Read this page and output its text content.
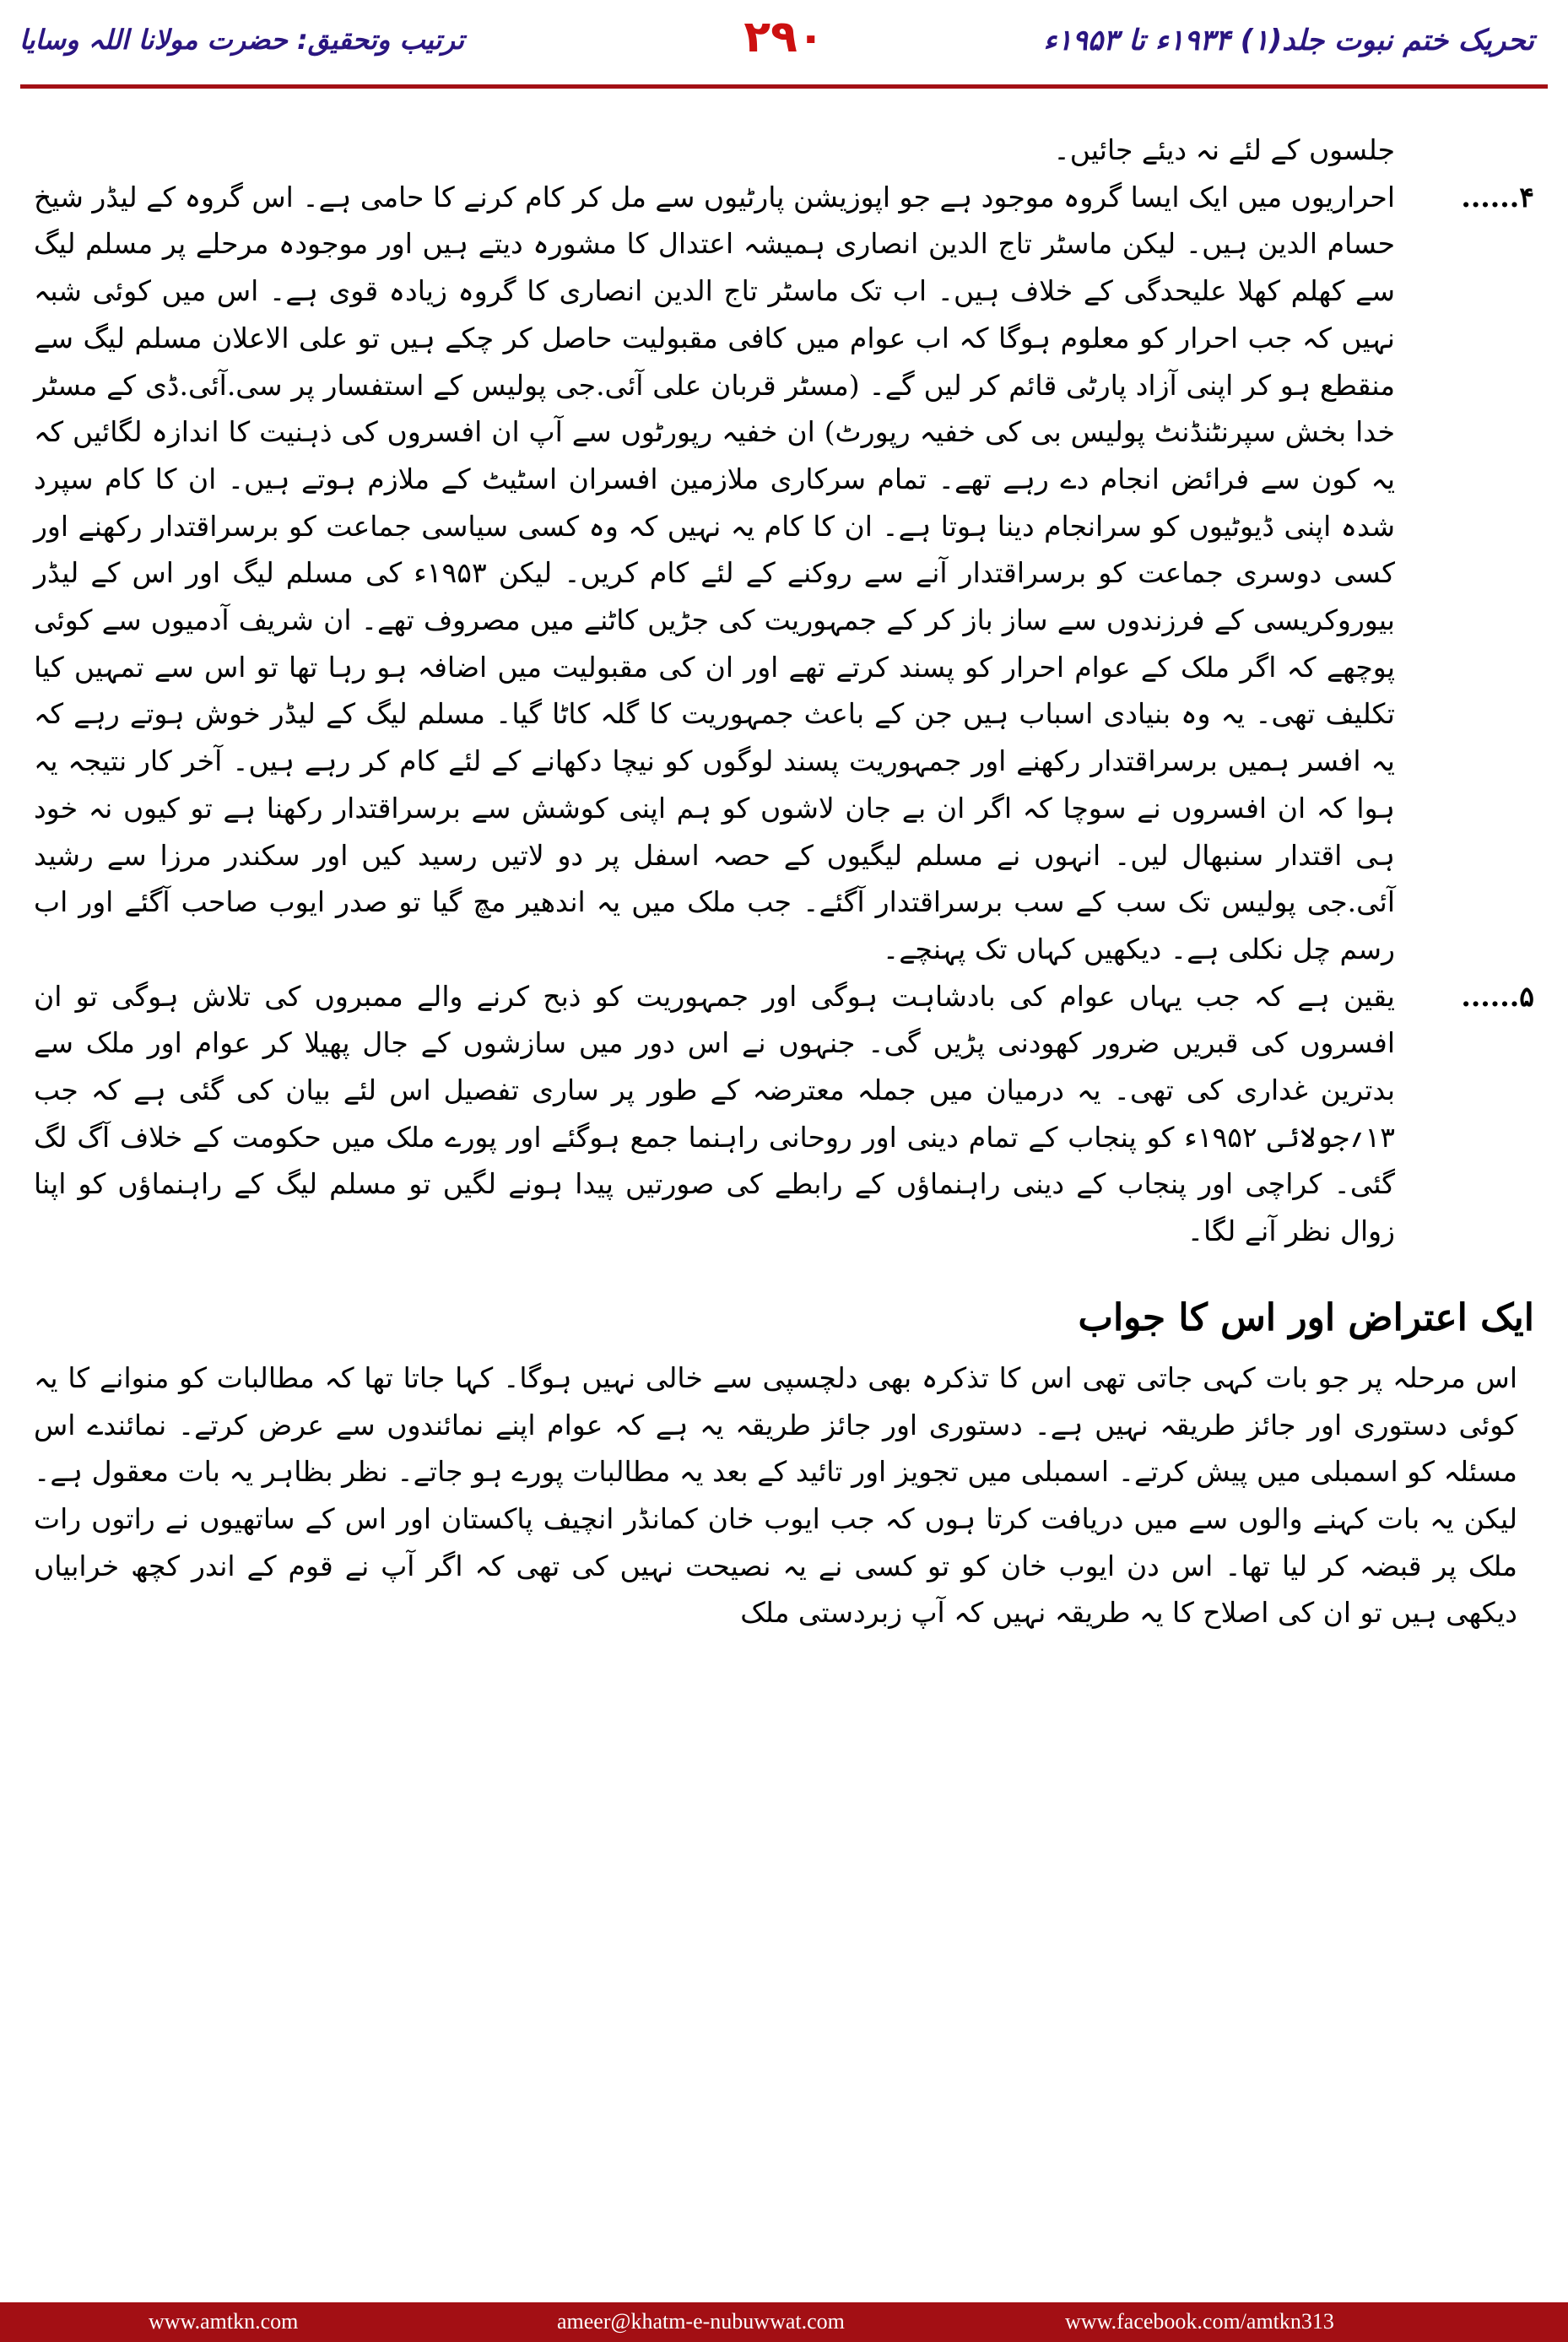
تحریک ختم نبوت جلد(۱) ۱۹۳۴ء تا ۱۹۵۳ء
۲۹۰
ترتیب وتحقیق: حضرت مولانا اللہ وسایا

جلسوں کے لئے نہ دیئے جائیں۔

۴......

احراریوں میں ایک ایسا گروہ موجود ہے جو اپوزیشن پارٹیوں سے مل کر کام کرنے کا حامی ہے۔ اس گروہ کے لیڈر شیخ حسام الدین ہیں۔ لیکن ماسٹر تاج الدین انصاری ہمیشہ اعتدال کا مشورہ دیتے ہیں اور موجودہ مرحلے پر مسلم لیگ سے کھلم کھلا علیحدگی کے خلاف ہیں۔ اب تک ماسٹر تاج الدین انصاری کا گروہ زیادہ قوی ہے۔ اس میں کوئی شبہ نہیں کہ جب احرار کو معلوم ہوگا کہ اب عوام میں کافی مقبولیت حاصل کر چکے ہیں تو علی الاعلان مسلم لیگ سے منقطع ہو کر اپنی آزاد پارٹی قائم کر لیں گے۔ (مسٹر قربان علی آئی.جی پولیس کے استفسار پر سی.آئی.ڈی کے مسٹر خدا بخش سپرنٹنڈنٹ پولیس بی کی خفیہ رپورٹ) ان خفیہ رپورٹوں سے آپ ان افسروں کی ذہنیت کا اندازہ لگائیں کہ یہ کون سے فرائض انجام دے رہے تھے۔ تمام سرکاری ملازمین افسران اسٹیٹ کے ملازم ہوتے ہیں۔ ان کا کام سپرد شدہ اپنی ڈیوٹیوں کو سرانجام دینا ہوتا ہے۔ ان کا کام یہ نہیں کہ وہ کسی سیاسی جماعت کو برسراقتدار رکھنے اور کسی دوسری جماعت کو برسراقتدار آنے سے روکنے کے لئے کام کریں۔ لیکن ۱۹۵۳ء کی مسلم لیگ اور اس کے لیڈر بیوروکریسی کے فرزندوں سے ساز باز کر کے جمہوریت کی جڑیں کاٹنے میں مصروف تھے۔ ان شریف آدمیوں سے کوئی پوچھے کہ اگر ملک کے عوام احرار کو پسند کرتے تھے اور ان کی مقبولیت میں اضافہ ہو رہا تھا تو اس سے تمہیں کیا تکلیف تھی۔ یہ وہ بنیادی اسباب ہیں جن کے باعث جمہوریت کا گلہ کاٹا گیا۔ مسلم لیگ کے لیڈر خوش ہوتے رہے کہ یہ افسر ہمیں برسراقتدار رکھنے اور جمہوریت پسند لوگوں کو نیچا دکھانے کے لئے کام کر رہے ہیں۔ آخر کار نتیجہ یہ ہوا کہ ان افسروں نے سوچا کہ اگر ان بے جان لاشوں کو ہم اپنی کوشش سے برسراقتدار رکھنا ہے تو کیوں نہ خود ہی اقتدار سنبھال لیں۔ انہوں نے مسلم لیگیوں کے حصہ اسفل پر دو لاتیں رسید کیں اور سکندر مرزا سے رشید آئی.جی پولیس تک سب کے سب برسراقتدار آگئے۔ جب ملک میں یہ اندھیر مچ گیا تو صدر ایوب صاحب آگئے اور اب رسم چل نکلی ہے۔ دیکھیں کہاں تک پہنچے۔

۵......

یقین ہے کہ جب یہاں عوام کی بادشاہت ہوگی اور جمہوریت کو ذبح کرنے والے ممبروں کی تلاش ہوگی تو ان افسروں کی قبریں ضرور کھودنی پڑیں گی۔ جنہوں نے اس دور میں سازشوں کے جال پھیلا کر عوام اور ملک سے بدترین غداری کی تھی۔ یہ درمیان میں جملہ معترضہ کے طور پر ساری تفصیل اس لئے بیان کی گئی ہے کہ جب ۱۳؍جولائی ۱۹۵۲ء کو پنجاب کے تمام دینی اور روحانی راہنما جمع ہوگئے اور پورے ملک میں حکومت کے خلاف آگ لگ گئی۔ کراچی اور پنجاب کے دینی راہنماؤں کے رابطے کی صورتیں پیدا ہونے لگیں تو مسلم لیگ کے راہنماؤں کو اپنا زوال نظر آنے لگا۔

ایک اعتراض اور اس کا جواب

اس مرحلہ پر جو بات کہی جاتی تھی اس کا تذکرہ بھی دلچسپی سے خالی نہیں ہوگا۔ کہا جاتا تھا کہ مطالبات کو منوانے کا یہ کوئی دستوری اور جائز طریقہ نہیں ہے۔ دستوری اور جائز طریقہ یہ ہے کہ عوام اپنے نمائندوں سے عرض کرتے۔ نمائندے اس مسئلہ کو اسمبلی میں پیش کرتے۔ اسمبلی میں تجویز اور تائید کے بعد یہ مطالبات پورے ہو جاتے۔ نظر بظاہر یہ بات معقول ہے۔ لیکن یہ بات کہنے والوں سے میں دریافت کرتا ہوں کہ جب ایوب خان کمانڈر انچیف پاکستان اور اس کے ساتھیوں نے راتوں رات ملک پر قبضہ کر لیا تھا۔ اس دن ایوب خان کو تو کسی نے یہ نصیحت نہیں کی تھی کہ اگر آپ نے قوم کے اندر کچھ خرابیاں دیکھی ہیں تو ان کی اصلاح کا یہ طریقہ نہیں کہ آپ زبردستی ملک

www.amtkn.com	ameer@khatm-e-nubuwwat.com	www.facebook.com/amtkn313
